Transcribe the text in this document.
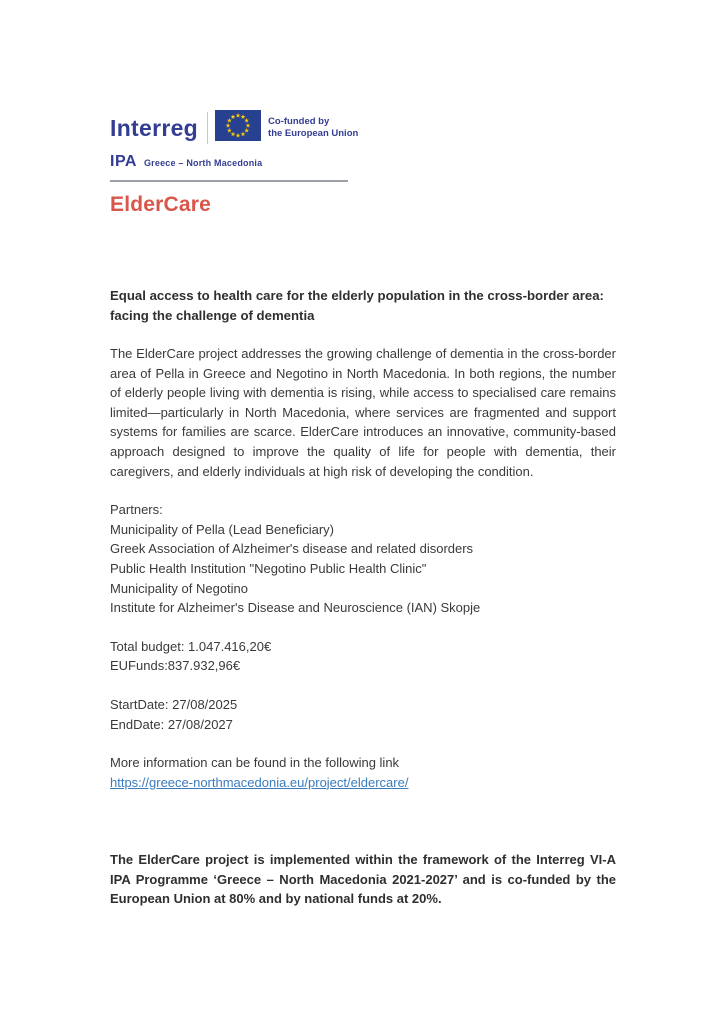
Interreg	Co-funded by
the European Union
IPA Greece – North Macedonia
ElderCare
Equal access to health care for the elderly population in the cross-border area: facing the challenge of dementia

The ElderCare project addresses the growing challenge of dementia in the cross-border area of Pella in Greece and Negotino in North Macedonia. In both regions, the number of elderly people living with dementia is rising, while access to specialised care remains limited—particularly in North Macedonia, where services are fragmented and support systems for families are scarce. ElderCare introduces an innovative, community-based approach designed to improve the quality of life for people with dementia, their caregivers, and elderly individuals at high risk of developing the condition.

Partners:

Municipality of Pella (Lead Beneficiary)

Greek Association of Alzheimer's disease and related disorders

Public Health Institution "Negotino Public Health Clinic"

Municipality of Negotino

Institute for Alzheimer's Disease and Neuroscience (IAN) Skopje

Total budget: 1.047.416,20€

EUFunds:837.932,96€

StartDate: 27/08/2025

EndDate: 27/08/2027

More information can be found in the following link

https://greece-northmacedonia.eu/project/eldercare/

The ElderCare project is implemented within the framework of the Interreg VI-A IPA Programme ‘Greece – North Macedonia 2021-2027’ and is co-funded by the European Union at 80% and by national funds at 20%.
